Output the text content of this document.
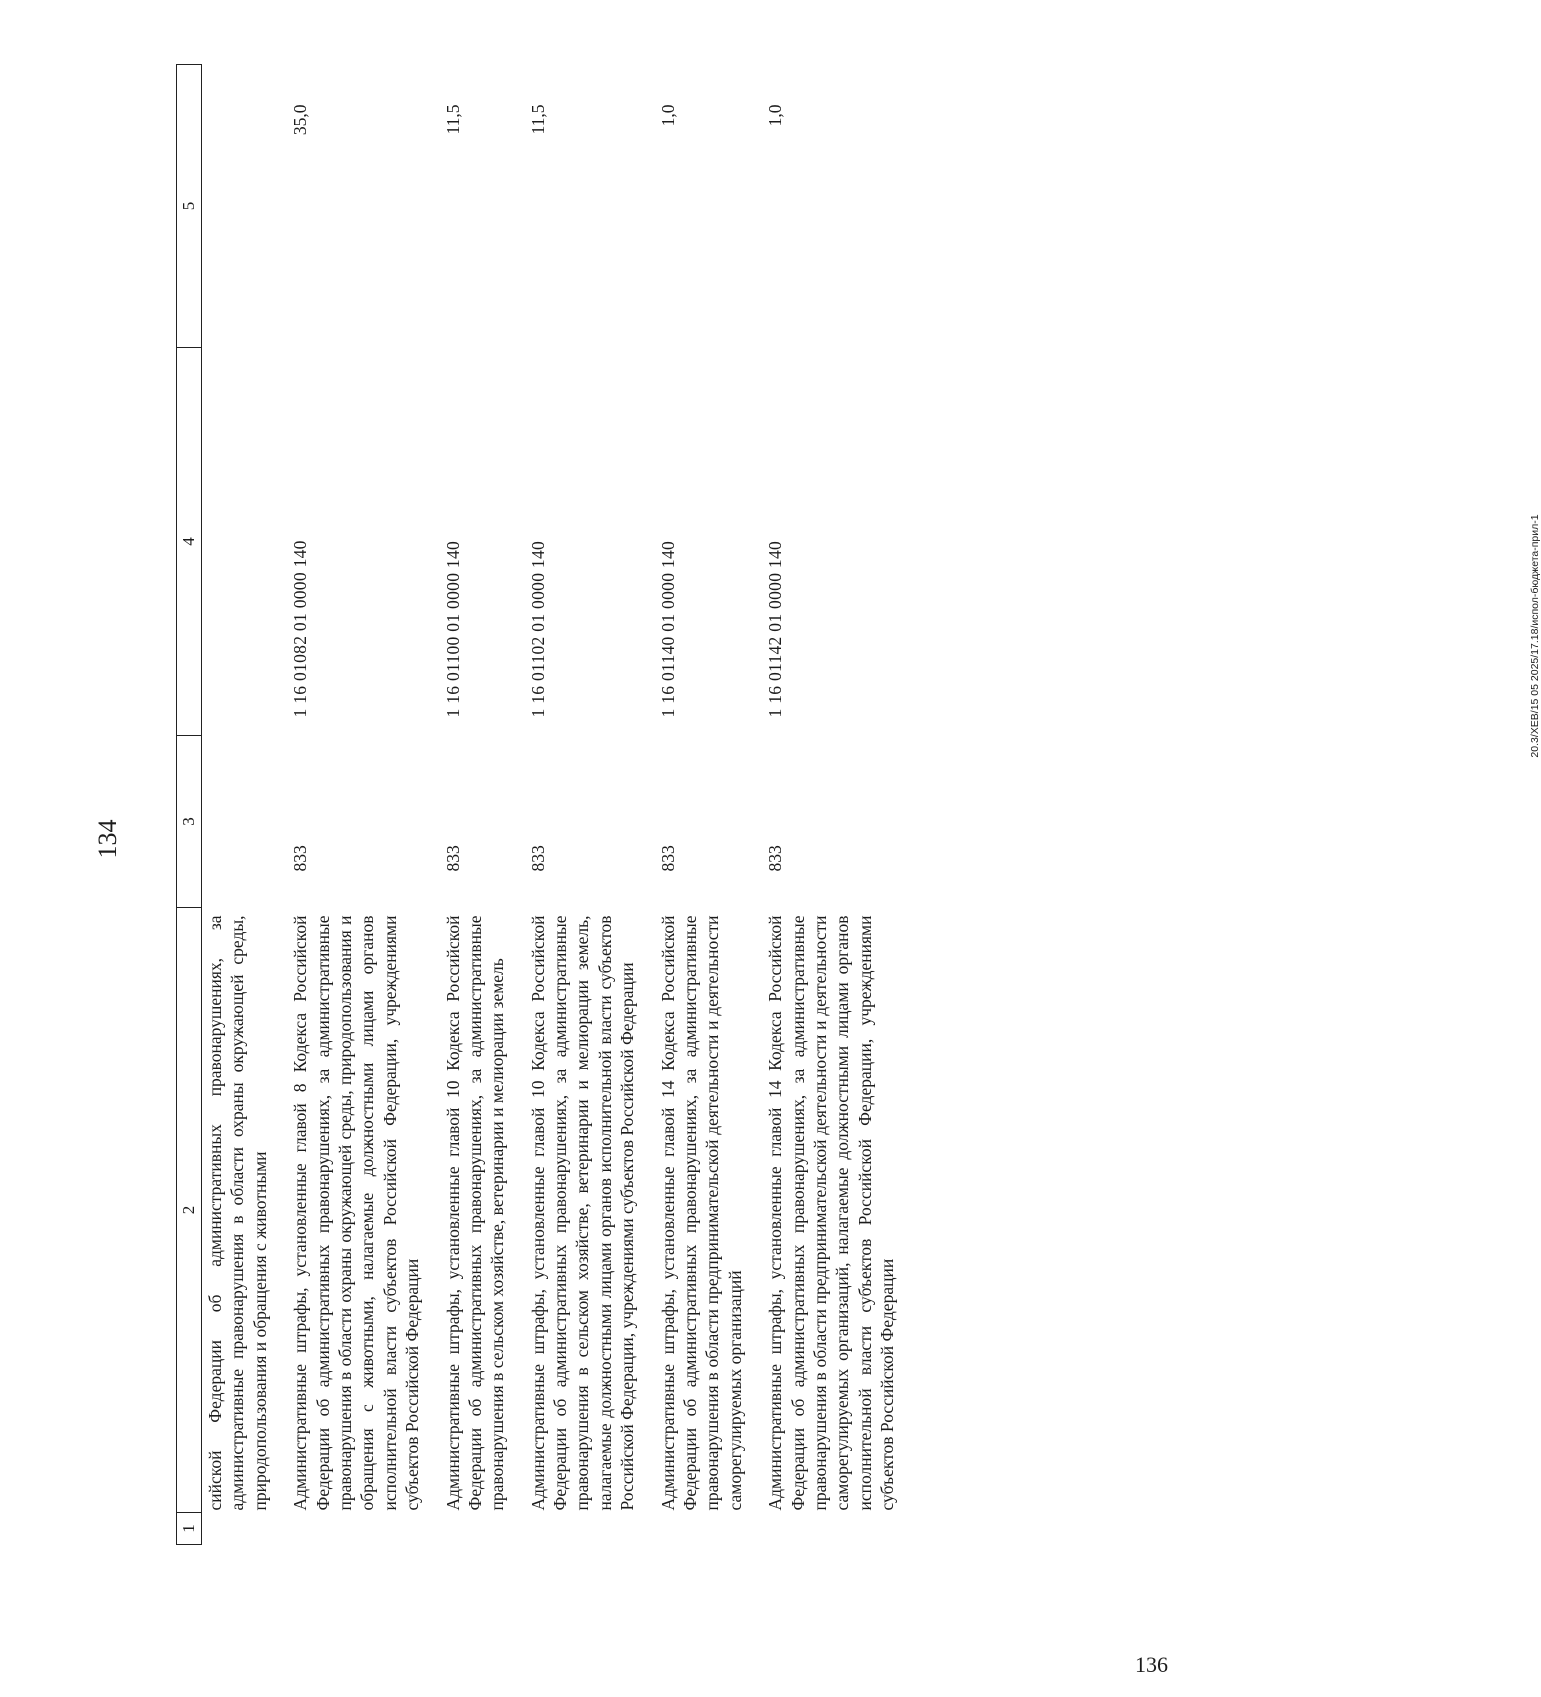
134
1	2	3	4	5
	сийской Федерации об административных правонарушениях, за административные правонарушения в области охраны окружающей среды, природопользования и обращения с животными			
	Административные штрафы, установленные главой 8 Кодекса Российской Федерации об административных правонарушениях, за административные правонарушения в области охраны окружающей среды, природопользования и обращения с животными, налагаемые должностными лицами органов исполнительной власти субъектов Российской Федерации, учреждениями субъектов Российской Федерации	833	1 16 01082 01 0000 140	35,0
	Административные штрафы, установленные главой 10 Кодекса Российской Федерации об административных правонарушениях, за административные правонарушения в сельском хозяйстве, ветеринарии и мелиорации земель	833	1 16 01100 01 0000 140	11,5
	Административные штрафы, установленные главой 10 Кодекса Российской Федерации об административных правонарушениях, за административные правонарушения в сельском хозяйстве, ветеринарии и мелиорации земель, налагаемые должностными лицами органов исполнительной власти субъектов Российской Федерации, учреждениями субъектов Российской Федерации	833	1 16 01102 01 0000 140	11,5
	Административные штрафы, установленные главой 14 Кодекса Российской Федерации об административных правонарушениях, за административные правонарушения в области предпринимательской деятельности и деятельности саморегулируемых организаций	833	1 16 01140 01 0000 140	1,0
	Административные штрафы, установленные главой 14 Кодекса Российской Федерации об административных правонарушениях, за административные правонарушения в области предпринимательской деятельности и деятельности саморегулируемых организаций, налагаемые должностными лицами органов исполнительной власти субъектов Российской Федерации, учреждениями субъектов Российской Федерации	833	1 16 01142 01 0000 140	1,0
20.3/ХЕВ/15 05 2025/17.18/испол-бюджета-прил-1
136
